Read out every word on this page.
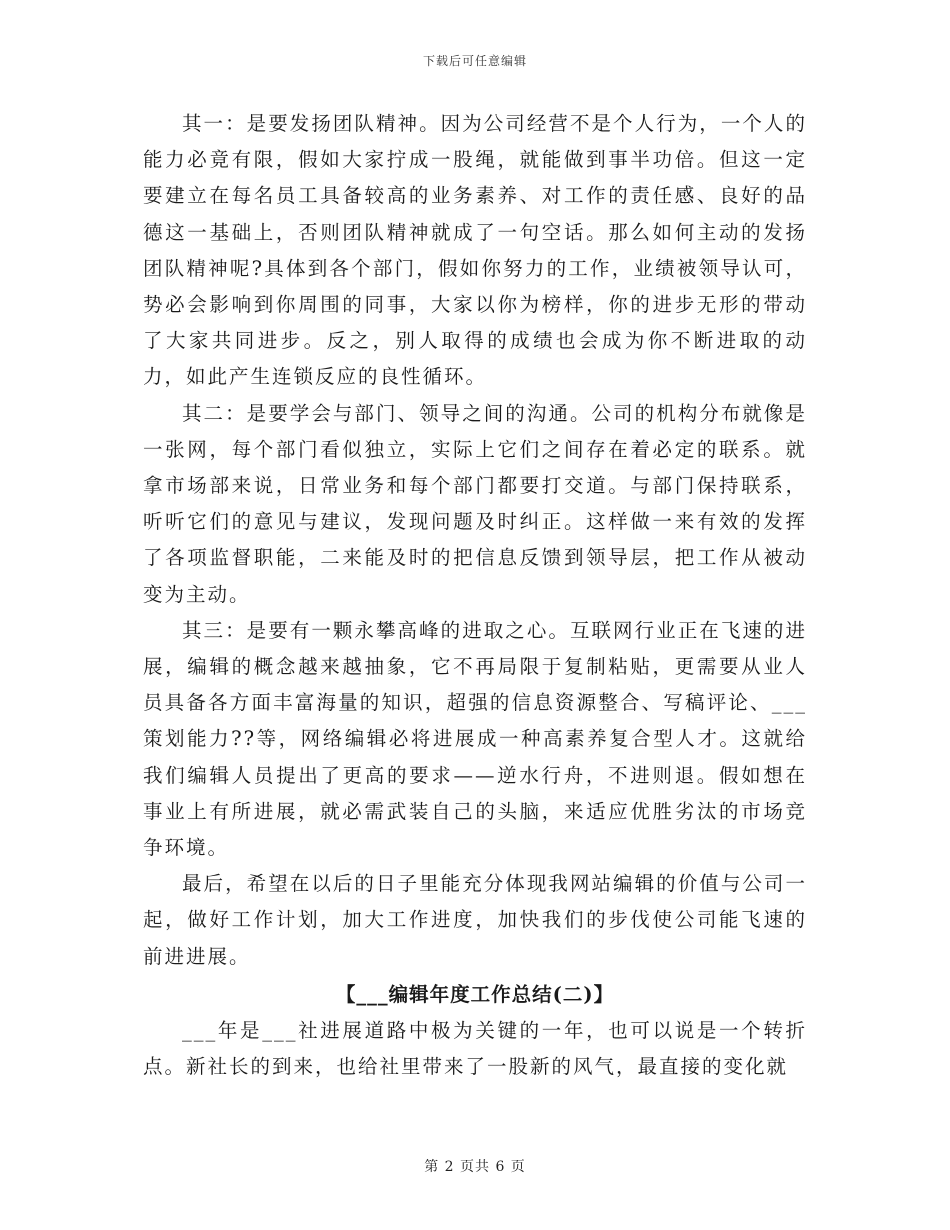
下载后可任意编辑

其一：是要发扬团队精神。因为公司经营不是个人行为，一个人的能力必竟有限，假如大家拧成一股绳，就能做到事半功倍。但这一定要建立在每名员工具备较高的业务素养、对工作的责任感、良好的品德这一基础上，否则团队精神就成了一句空话。那么如何主动的发扬团队精神呢?具体到各个部门，假如你努力的工作，业绩被领导认可，势必会影响到你周围的同事，大家以你为榜样，你的进步无形的带动了大家共同进步。反之，别人取得的成绩也会成为你不断进取的动力，如此产生连锁反应的良性循环。

其二：是要学会与部门、领导之间的沟通。公司的机构分布就像是一张网，每个部门看似独立，实际上它们之间存在着必定的联系。就拿市场部来说，日常业务和每个部门都要打交道。与部门保持联系，听听它们的意见与建议，发现问题及时纠正。这样做一来有效的发挥了各项监督职能，二来能及时的把信息反馈到领导层，把工作从被动变为主动。

其三：是要有一颗永攀高峰的进取之心。互联网行业正在飞速的进展，编辑的概念越来越抽象，它不再局限于复制粘贴，更需要从业人员具备各方面丰富海量的知识，超强的信息资源整合、写稿评论、___策划能力??等，网络编辑必将进展成一种高素养复合型人才。这就给我们编辑人员提出了更高的要求——逆水行舟，不进则退。假如想在事业上有所进展，就必需武装自己的头脑，来适应优胜劣汰的市场竞争环境。

最后，希望在以后的日子里能充分体现我网站编辑的价值与公司一起，做好工作计划，加大工作进度，加快我们的步伐使公司能飞速的前进进展。

【___编辑年度工作总结(二)】

___年是___社进展道路中极为关键的一年，也可以说是一个转折点。新社长的到来，也给社里带来了一股新的风气，最直接的变化就

第 2 页共 6 页
